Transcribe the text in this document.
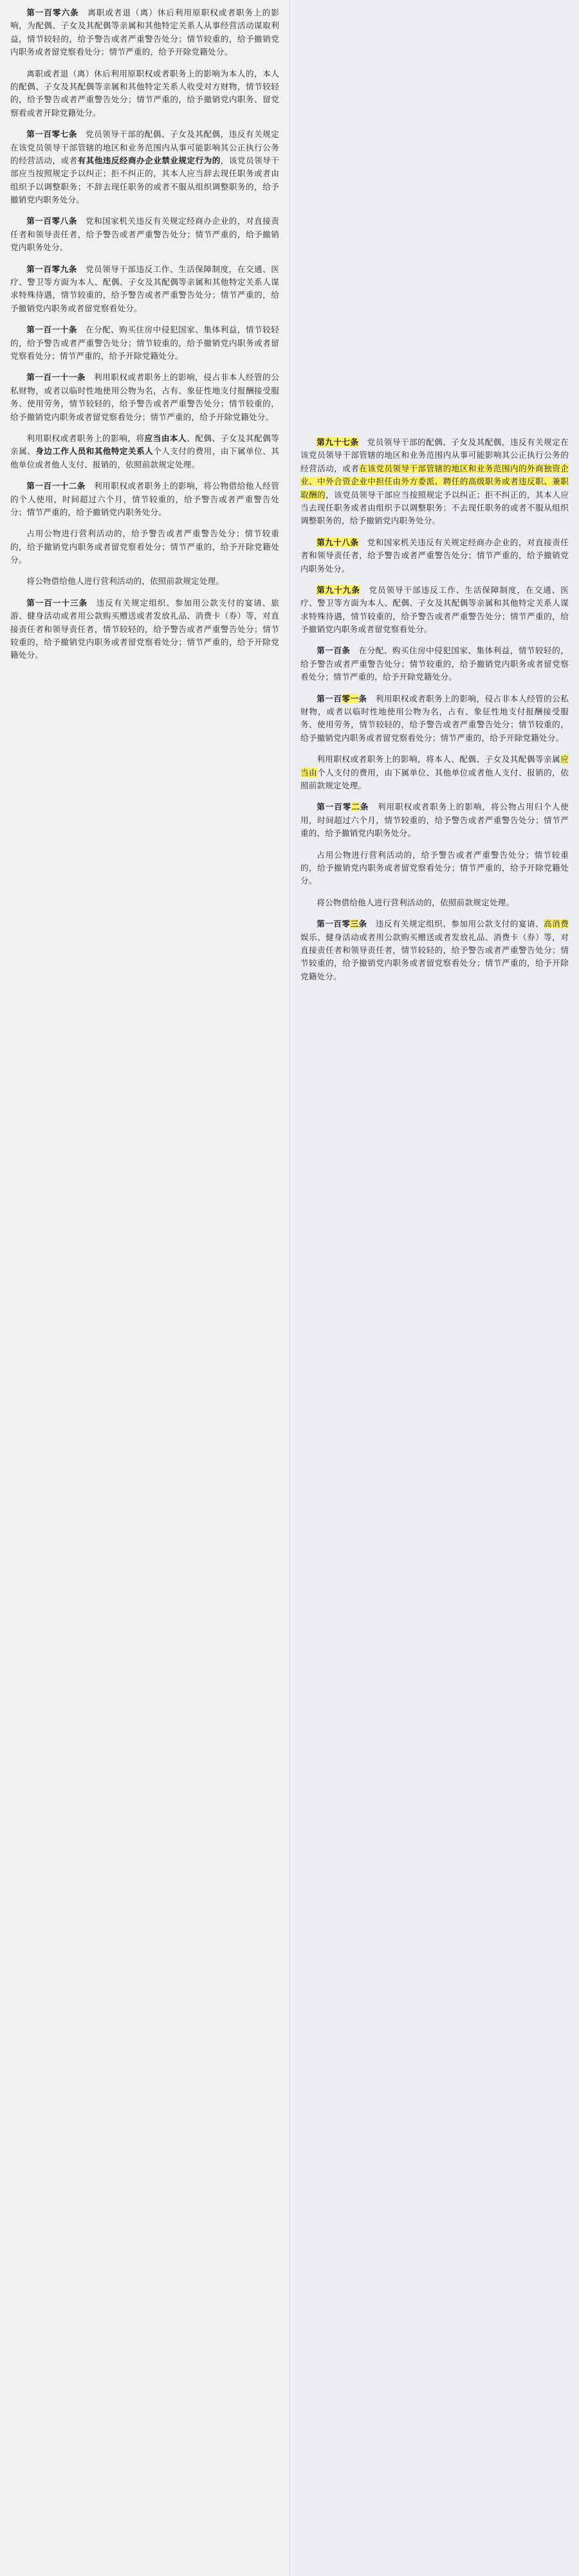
第一百零六条　离职或者退（离）休后利用原职权或者职务上的影响，为配偶、子女及其配偶等亲属和其他特定关系人从事经营活动谋取利益，情节较轻的，给予警告或者严重警告处分；情节较重的，给予撤销党内职务或者留党察看处分；情节严重的，给予开除党籍处分。

离职或者退（离）休后利用原职权或者职务上的影响为本人的，本人的配偶、子女及其配偶等亲属和其他特定关系人收受对方财物，情节较轻的，给予警告或者严重警告处分；情节严重的，给予撤销党内职务、留党察看或者开除党籍处分。

第一百零七条　党员领导干部的配偶、子女及其配偶，违反有关规定在该党员领导干部管辖的地区和业务范围内从事可能影响其公正执行公务的经营活动，或者有其他违反经商办企业禁业规定行为的，该党员领导干部应当按照规定予以纠正；拒不纠正的，其本人应当辞去现任职务或者由组织予以调整职务；不辞去现任职务的或者不服从组织调整职务的，给予撤销党内职务处分。

第一百零八条　党和国家机关违反有关规定经商办企业的，对直接责任者和领导责任者，给予警告或者严重警告处分；情节严重的，给予撤销党内职务处分。

第一百零九条　党员领导干部违反工作、生活保障制度，在交通、医疗、警卫等方面为本人、配偶、子女及其配偶等亲属和其他特定关系人谋求特殊待遇，情节较重的，给予警告或者严重警告处分；情节严重的，给予撤销党内职务或者留党察看处分。

第一百一十条　在分配、购买住房中侵犯国家、集体利益，情节较轻的，给予警告或者严重警告处分；情节较重的，给予撤销党内职务或者留党察看处分；情节严重的，给予开除党籍处分。

第一百一十一条　利用职权或者职务上的影响，侵占非本人经管的公私财物，或者以临时性地使用公物为名，占有、象征性地支付报酬接受服务、使用劳务，情节较轻的，给予警告或者严重警告处分；情节较重的，给予撤销党内职务或者留党察看处分；情节严重的，给予开除党籍处分。

利用职权或者职务上的影响，将应当由本人、配偶、子女及其配偶等亲属、身边工作人员和其他特定关系人个人支付的费用，由下属单位、其他单位或者他人支付、报销的，依照前款规定处理。

第一百一十二条　利用职权或者职务上的影响，将公物借给他人经管的个人使用，时间超过六个月，情节较重的，给予警告或者严重警告处分；情节严重的，给予撤销党内职务处分。

占用公物进行营利活动的，给予警告或者严重警告处分；情节较重的，给予撤销党内职务或者留党察看处分；情节严重的，给予开除党籍处分。

将公物借给他人进行营利活动的，依照前款规定处理。

第一百一十三条　违反有关规定组织、参加用公款支付的宴请、旅游、健身活动或者用公款购买赠送或者发放礼品、消费卡（券）等，对直接责任者和领导责任者，情节较轻的，给予警告或者严重警告处分；情节较重的，给予撤销党内职务或者留党察看处分；情节严重的，给予开除党籍处分。

第九十七条　党员领导干部的配偶、子女及其配偶，违反有关规定在该党员领导干部管辖的地区和业务范围内从事可能影响其公正执行公务的经营活动，或者在该党员领导干部管辖的地区和业务范围内的外商独资企业、中外合资企业中担任由外方委派、聘任的高级职务或者违反职、兼职取酬的，该党员领导干部应当按照规定予以纠正；拒不纠正的，其本人应当去现任职务或者由组织予以调整职务；不去现任职务的或者不服从组织调整职务的，给予撤销党内职务处分。

第九十八条　党和国家机关违反有关规定经商办企业的，对直接责任者和领导责任者，给予警告或者严重警告处分；情节严重的，给予撤销党内职务处分。

第九十九条　党员领导干部违反工作、生活保障制度，在交通、医疗、警卫等方面为本人、配偶、子女及其配偶等亲属和其他特定关系人谋求特殊待遇，情节较重的，给予警告或者严重警告处分；情节严重的，给予撤销党内职务或者留党察看处分。

第一百条　在分配、购买住房中侵犯国家、集体利益，情节较轻的，给予警告或者严重警告处分；情节较重的，给予撤销党内职务或者留党察看处分；情节严重的，给予开除党籍处分。

第一百零一条　利用职权或者职务上的影响，侵占非本人经管的公私财物，或者以临时性地使用公物为名，占有、象征性地支付报酬接受服务、使用劳务，情节较轻的，给予警告或者严重警告处分；情节较重的，给予撤销党内职务或者留党察看处分；情节严重的，给予开除党籍处分。

利用职权或者职务上的影响，将本人、配偶、子女及其配偶等亲属应当由个人支付的费用，由下属单位、其他单位或者他人支付、报销的，依照前款规定处理。

第一百零二条　利用职权或者职务上的影响，将公物占用归个人使用，时间超过六个月，情节较重的，给予警告或者严重警告处分；情节严重的，给予撤销党内职务处分。

占用公物进行营利活动的，给予警告或者严重警告处分；情节较重的，给予撤销党内职务或者留党察看处分；情节严重的，给予开除党籍处分。

将公物借给他人进行营利活动的，依照前款规定处理。

第一百零三条　违反有关规定组织、参加用公款支付的宴请、高消费娱乐、健身活动或者用公款购买赠送或者发放礼品、消费卡（券）等，对直接责任者和领导责任者，情节较轻的，给予警告或者严重警告处分；情节较重的，给予撤销党内职务或者留党察看处分；情节严重的，给予开除党籍处分。
